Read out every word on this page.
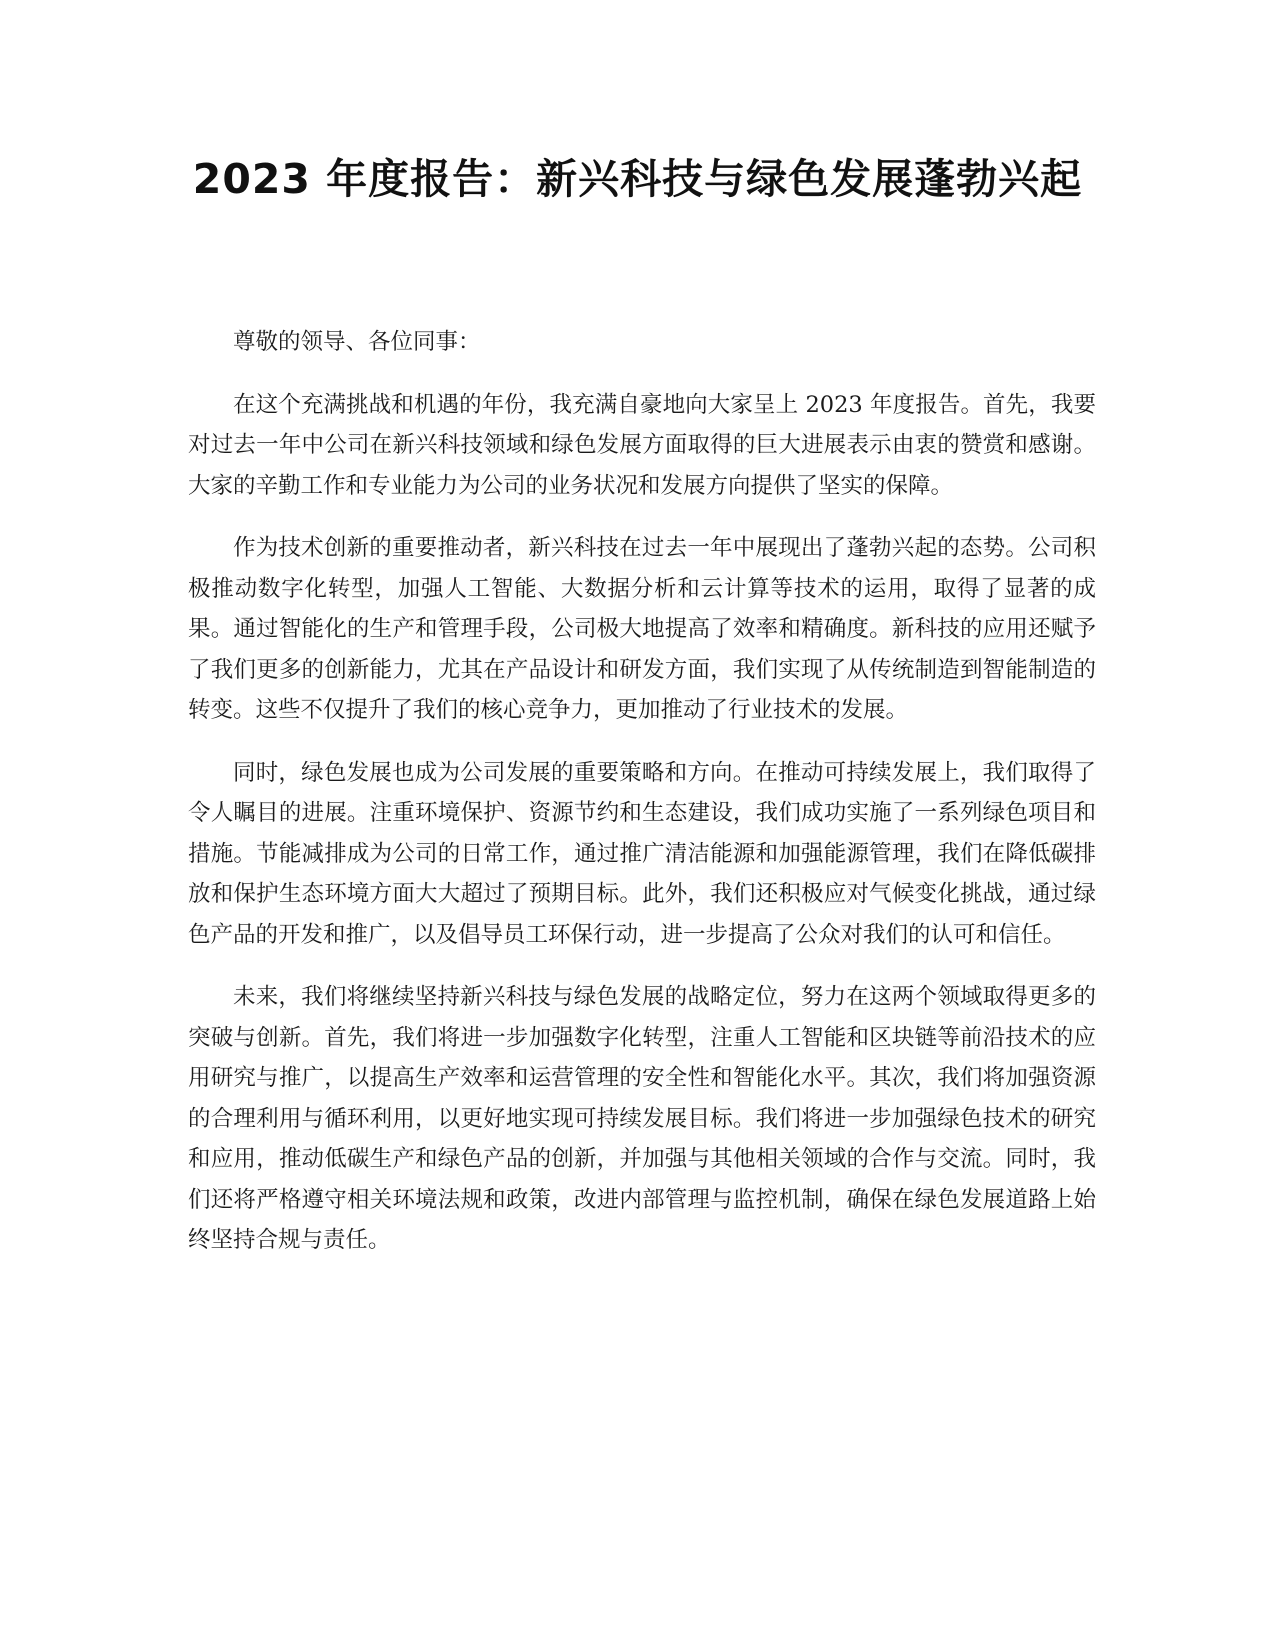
2023 年度报告：新兴科技与绿色发展蓬勃兴起

尊敬的领导、各位同事：

在这个充满挑战和机遇的年份，我充满自豪地向大家呈上 2023 年度报告。首先，我要对过去一年中公司在新兴科技领域和绿色发展方面取得的巨大进展表示由衷的赞赏和感谢。大家的辛勤工作和专业能力为公司的业务状况和发展方向提供了坚实的保障。

作为技术创新的重要推动者，新兴科技在过去一年中展现出了蓬勃兴起的态势。公司积极推动数字化转型，加强人工智能、大数据分析和云计算等技术的运用，取得了显著的成果。通过智能化的生产和管理手段，公司极大地提高了效率和精确度。新科技的应用还赋予了我们更多的创新能力，尤其在产品设计和研发方面，我们实现了从传统制造到智能制造的转变。这些不仅提升了我们的核心竞争力，更加推动了行业技术的发展。

同时，绿色发展也成为公司发展的重要策略和方向。在推动可持续发展上，我们取得了令人瞩目的进展。注重环境保护、资源节约和生态建设，我们成功实施了一系列绿色项目和措施。节能减排成为公司的日常工作，通过推广清洁能源和加强能源管理，我们在降低碳排放和保护生态环境方面大大超过了预期目标。此外，我们还积极应对气候变化挑战，通过绿色产品的开发和推广，以及倡导员工环保行动，进一步提高了公众对我们的认可和信任。

未来，我们将继续坚持新兴科技与绿色发展的战略定位，努力在这两个领域取得更多的突破与创新。首先，我们将进一步加强数字化转型，注重人工智能和区块链等前沿技术的应用研究与推广，以提高生产效率和运营管理的安全性和智能化水平。其次，我们将加强资源的合理利用与循环利用，以更好地实现可持续发展目标。我们将进一步加强绿色技术的研究和应用，推动低碳生产和绿色产品的创新，并加强与其他相关领域的合作与交流。同时，我们还将严格遵守相关环境法规和政策，改进内部管理与监控机制，确保在绿色发展道路上始终坚持合规与责任。
